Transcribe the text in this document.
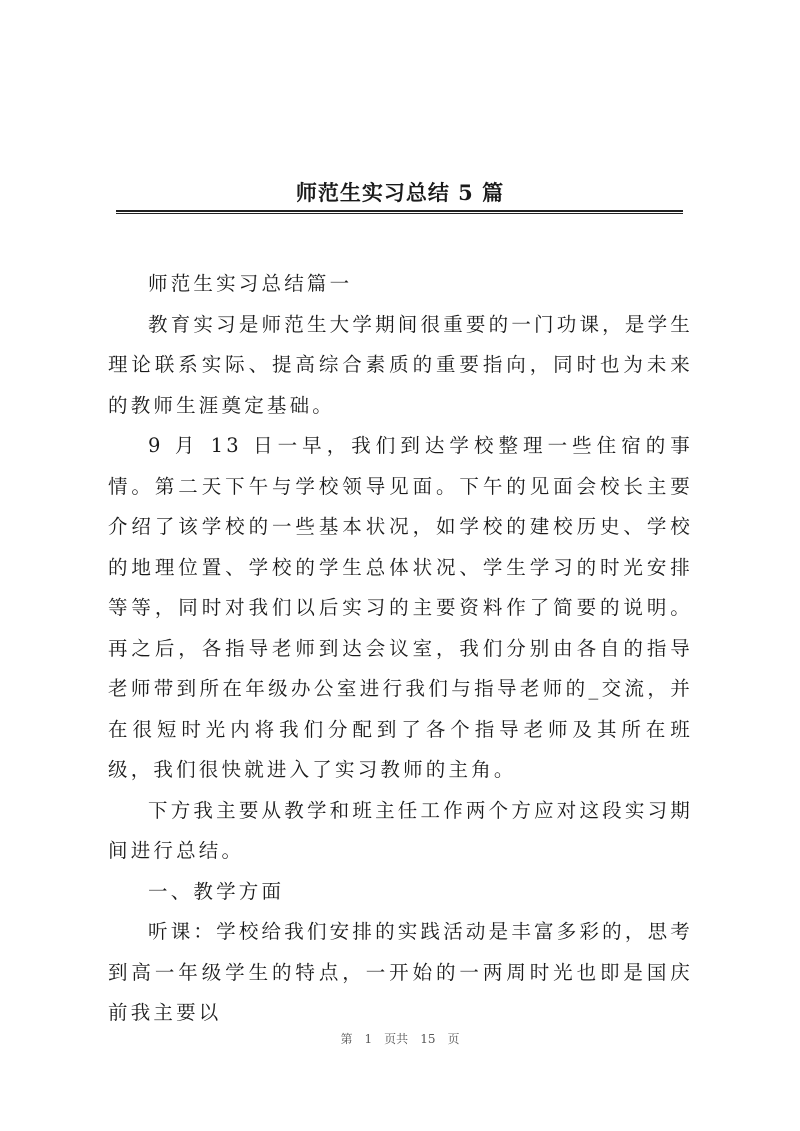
师范生实习总结 5 篇

师范生实习总结篇一

教育实习是师范生大学期间很重要的一门功课，是学生理论联系实际、提高综合素质的重要指向，同时也为未来的教师生涯奠定基础。

9 月 13 日一早，我们到达学校整理一些住宿的事情。第二天下午与学校领导见面。下午的见面会校长主要介绍了该学校的一些基本状况，如学校的建校历史、学校的地理位置、学校的学生总体状况、学生学习的时光安排等等，同时对我们以后实习的主要资料作了简要的说明。再之后，各指导老师到达会议室，我们分别由各自的指导老师带到所在年级办公室进行我们与指导老师的_交流，并在很短时光内将我们分配到了各个指导老师及其所在班级，我们很快就进入了实习教师的主角。

下方我主要从教学和班主任工作两个方应对这段实习期间进行总结。

一、教学方面

听课：学校给我们安排的实践活动是丰富多彩的，思考到高一年级学生的特点，一开始的一两周时光也即是国庆前我主要以

第 1 页共 15 页
